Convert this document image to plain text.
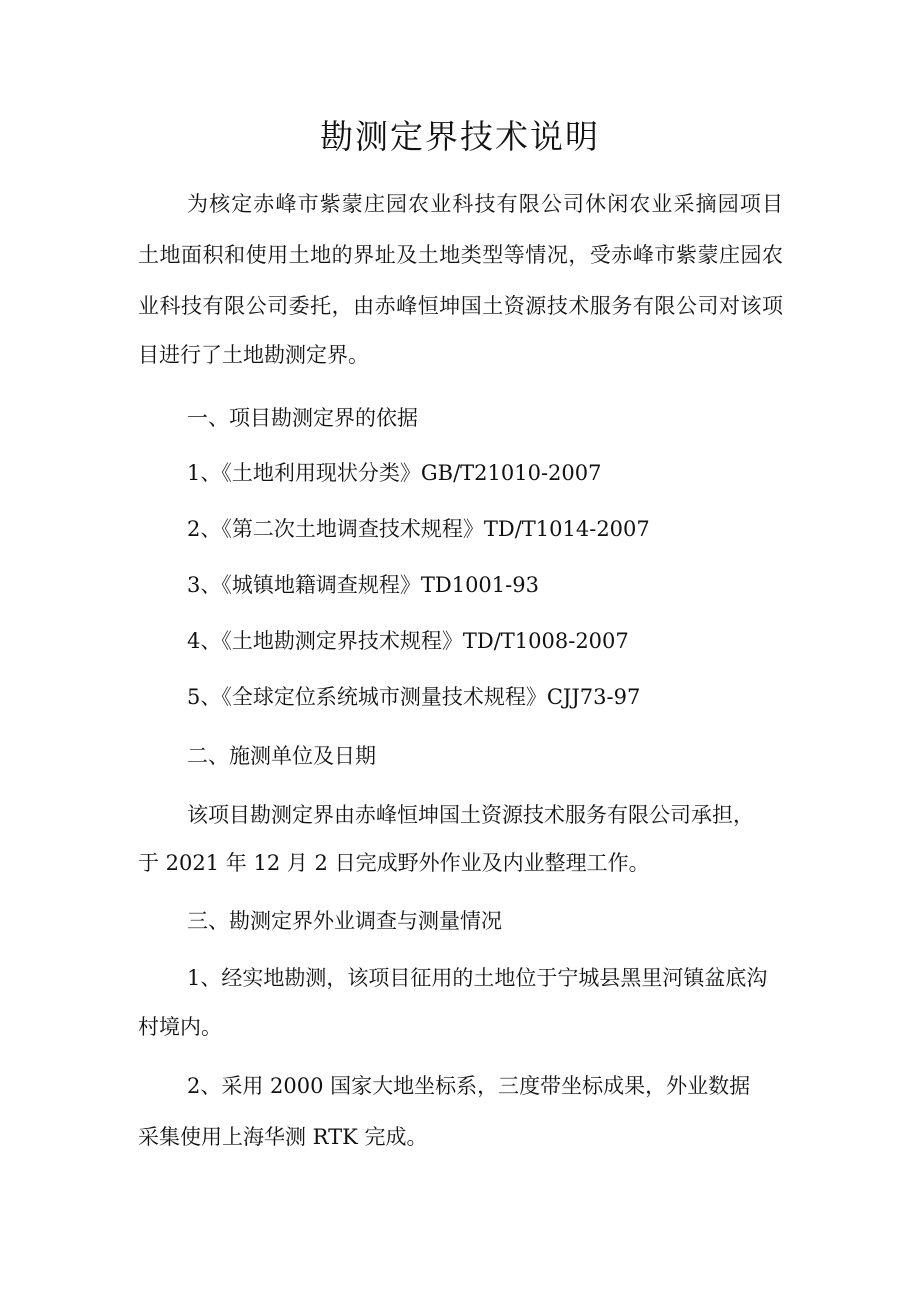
勘测定界技术说明
为核定赤峰市紫蒙庄园农业科技有限公司休闲农业采摘园项目
土地面积和使用土地的界址及土地类型等情况，受赤峰市紫蒙庄园农
业科技有限公司委托，由赤峰恒坤国土资源技术服务有限公司对该项
目进行了土地勘测定界。
一、项目勘测定界的依据
1、《土地利用现状分类》GB/T21010-2007
2、《第二次土地调查技术规程》TD/T1014-2007
3、《城镇地籍调查规程》TD1001-93
4、《土地勘测定界技术规程》TD/T1008-2007
5、《全球定位系统城市测量技术规程》CJJ73-97
二、施测单位及日期
该项目勘测定界由赤峰恒坤国土资源技术服务有限公司承担，
于 2021 年 12 月 2 日完成野外作业及内业整理工作。
三、勘测定界外业调查与测量情况
1、经实地勘测，该项目征用的土地位于宁城县黑里河镇盆底沟
村境内。
2、采用 2000 国家大地坐标系，三度带坐标成果，外业数据
采集使用上海华测 RTK 完成。
